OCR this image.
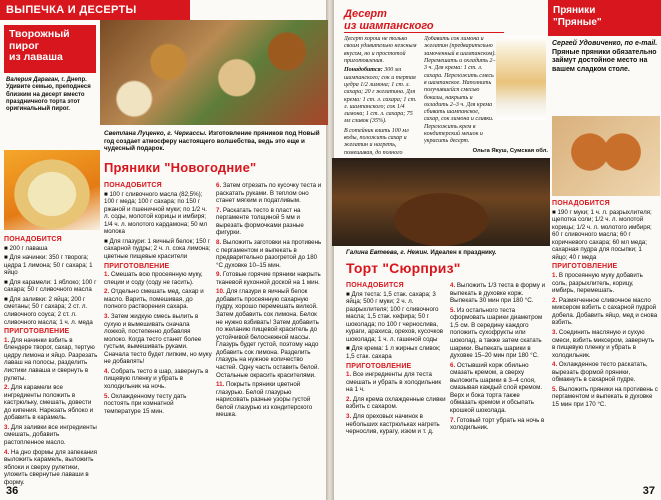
ВЫПЕЧКА И ДЕСЕРТЫ
Творожный
пирог
из лаваша
Валерия Дараган, г. Днепр. Удивите семью, преподнеся близким на десерт вместо праздничного торта этот оригинальный пирог.
ПОНАДОБИТСЯ

■ 200 г лаваша

■ Для начинки: 350 г творога; цедра 1 лимона; 50 г сахара; 1 яйцо

■ Для карамели: 1 яблоко; 100 г сахара; 50 г сливочного масла

■ Для заливки: 2 яйца; 200 г сметаны; 50 г сахара; 2 ст. л. сливочного соуса; 2 ст. л. сливочного масла; 1 ч. л. меда

ПРИГОТОВЛЕНИЕ

1. Для начинки взбить в блендере творог, сахар, тертую цедру лимона и яйцо. Разрезать лаваш на полосы, разделить листики лаваша и свернуть в рулеты.

2. Для карамели все ингредиенты положить в кастрюльку, смешать, довести до кипения. Нарезать яблоко и добавить в карамель.

3. Для заливки все ингредиенты смешать, добавить растопленное масло.

4. На дно формы для запекания выложить карамель, выложить яблоки и сверху рулетики, уложить свернутые лаваши в форму.

Светлана Луценко, г. Черкассы. Изготовление пряников под Новый год создает атмосферу настоящего волшебства, ведь это еще и чудесный подарок.
Пряники "Новогодние"
ПОНАДОБИТСЯ

■ 100 г сливочного масла (82,5%); 100 г меда; 100 г сахара; по 150 г ржаной и пшеничной муки; по 1/2 ч. л. соды, молотой корицы и имбиря; 1/4 ч. л. молотого кардамона; 50 мл молока

■ Для глазури: 1 яичный белок; 150 г сахарной пудры; 2 ч. л. сока лимона; цветные пищевые красители

ПРИГОТОВЛЕНИЕ

1. Смешать всю просеянную муку, специи и соду (соду не гасить).

2. Отдельно смешать мед, сахар и масло. Варить, помешивая, до полного растворения сахара.

3. Затем жидкую смесь вылить в сухую и вымешивать сначала ложкой, постепенно добавляя молоко. Когда тесто станет более густым, вымешивать руками. Сначала тесто будет липким, но муку не добавлять!

4. Собрать тесто в шар, завернуть в пищевую пленку и убрать в холодильник на ночь.

5. Охлажденному тесту дать постоять при комнатной температуре 15 мин.

6. Затем отрезать по кусочку теста и раскатать руками. В теплом оно станет мягким и податливым.

7. Раскатать тесто в пласт на пергаменте толщиной 5 мм и вырезать формочками разные фигурки.

8. Выложить заготовки на противень с пергаментом и выпекать в предварительно разогретой до 180 °С духовке 10–15 мин.

9. Готовые горячие пряники накрыть тканевой кухонной доской на 1 мин.

10. Для глазури в яичный белок добавить просеянную сахарную пудру, хорошо перемешать вилкой. Затем добавить сок лимона. Белок не нужно взбивать! Затем добавить по желанию пищевой краситель до устойчивой белоснежной массы. Глазурь будет густой, поэтому надо добавить сок лимона. Разделить глазурь на нужное количество частей. Одну часть оставить белой. Остальные окрасить красителями.

11. Покрыть пряники цветной глазурью. Белой глазурью нарисовать разные узоры густой белой глазурью из кондитерского мешка.

36
Десерт
из шампанского

Десерт хорош не только своим удивительно нежным вкусом, но и простотой приготовления.

Понадобится: 300 мл шампанского; сок и тертая цедра 1/2 лимона; 1 ст. л. сахара; 20 г желатина. Для крема: 1 ст. л. сахара; 1 ст. л. шампанского; сок 1/4 лимона; 1 ст. л. сахара; 75 мл сливок (35%).

В сотейник влить 100 мл воды, положить сахар и желатин и нагреть, помешивая, до полного

Добавить сок лимона и желатин (предварительно замоченный в шампанском). Перемешать и охладить 2–3 ч. Для крема: 1 ст. л. сахара. Переложить смесь в шампанское. Наполнить получившейся смесью бокалы, накрыть и охладить 2–3 ч. Для крема сбивать шампанское, сахар, сок лимона и сливки. Переложить крем в кондитерский мешок и украсить десерт.

Ольга Якуш, Сумская обл.
Галина Евтеева, г. Нежин. Идеален к празднику.
Торт "Сюрприз"
ПОНАДОБИТСЯ

■ Для теста: 1,5 стак. сахара; 3 яйца; 500 г муки; 2 ч. л. разрыхлителя; 100 г сливочного масла; 1,5 стак. кефира; 50 г шоколада; по 100 г чернослива, кураги, арахиса, орехов, кусочков шоколада; 1 ч. л. гашеной соды

■ Для крема: 1 л жирных сливок; 1,5 стак. сахара

ПРИГОТОВЛЕНИЕ

1. Все ингредиенты для теста смешать и убрать в холодильник на 1 ч.

2. Для крема охлажденные сливки взбить с сахаром.

3. Для ореховых начинок в небольших кастрюльках нагреть чернослив, курагу, изюм и т. д.

4. Выложить 1/3 теста в форму и выпекать в духовке корж. Выпекать 30 мин при 180 °С.

5. Из остального теста сформовать шарики диаметром 1,5 см. В середину каждого положить сухофрукты или шоколад, а также затем скатать шарики. Выпекать шарики в духовке 15–20 мин при 180 °С.

6. Остывший корж обильно смазать кремом, а сверху выложить шарики в 3–4 слоя, смазывая каждый слой кремом. Верх и бока торта также обмазать кремом и обсыпать крошкой шоколада.

7. Готовый торт убрать на ночь в холодильник.

Пряники
"Пряные"
Сергей Удовиченко, по e-mail. Пряные пряники обязательно займут достойное место на вашем сладком столе.
ПОНАДОБИТСЯ

■ 190 г муки; 1 ч. л. разрыхлителя; щепотка соли; 1/2 ч. л. молотой корицы; 1/2 ч. л. молотого имбиря; 60 г сливочного масла; 60 г коричневого сахара; 60 мл меда; сахарная пудра для посыпки; 1 яйцо; 40 г меда

ПРИГОТОВЛЕНИЕ

1. В просеянную муку добавить соль, разрыхлитель, корицу, имбирь, перемешать.

2. Размягченное сливочное масло миксером взбить с сахарной пудрой добела. Добавить яйцо, мед и снова взбить.

3. Соединить масляную и сухую смеси, взбить миксером, завернуть в пищевую пленку и убрать в холодильник.

4. Охлажденное тесто раскатать, вырезать формой пряники, обмакнуть в сахарной пудре.

5. Выложить пряники на противень с пергаментом и выпекать в духовке 15 мин при 170 °С.

37
